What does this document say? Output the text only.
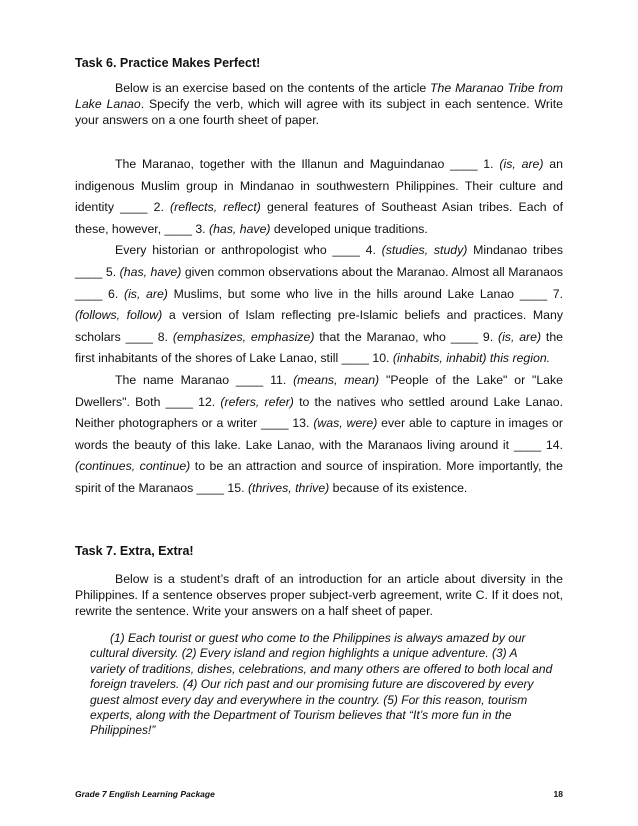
Task 6. Practice Makes Perfect!

Below is an exercise based on the contents of the article The Maranao Tribe from Lake Lanao. Specify the verb, which will agree with its subject in each sentence. Write your answers on a one fourth sheet of paper.

The Maranao, together with the Illanun and Maguindanao ____ 1. (is, are) an indigenous Muslim group in Mindanao in southwestern Philippines. Their culture and identity ____ 2. (reflects, reflect) general features of Southeast Asian tribes. Each of these, however, ____ 3. (has, have) developed unique traditions.

Every historian or anthropologist who ____ 4. (studies, study) Mindanao tribes ____ 5. (has, have) given common observations about the Maranao. Almost all Maranaos ____ 6. (is, are) Muslims, but some who live in the hills around Lake Lanao ____ 7. (follows, follow) a version of Islam reflecting pre-Islamic beliefs and practices. Many scholars ____ 8. (emphasizes, emphasize) that the Maranao, who ____ 9. (is, are) the first inhabitants of the shores of Lake Lanao, still ____ 10. (inhabits, inhabit) this region.

The name Maranao ____ 11. (means, mean) "People of the Lake" or "Lake Dwellers". Both ____ 12. (refers, refer) to the natives who settled around Lake Lanao. Neither photographers or a writer ____ 13. (was, were) ever able to capture in images or words the beauty of this lake. Lake Lanao, with the Maranaos living around it ____ 14. (continues, continue) to be an attraction and source of inspiration. More importantly, the spirit of the Maranaos ____ 15. (thrives, thrive) because of its existence.

Task 7. Extra, Extra!

Below is a student’s draft of an introduction for an article about diversity in the Philippines. If a sentence observes proper subject-verb agreement, write C. If it does not, rewrite the sentence. Write your answers on a half sheet of paper.

(1) Each tourist or guest who come to the Philippines is always amazed by our cultural diversity. (2) Every island and region highlights a unique adventure. (3) A variety of traditions, dishes, celebrations, and many others are offered to both local and foreign travelers. (4) Our rich past and our promising future are discovered by every guest almost every day and everywhere in the country. (5) For this reason, tourism experts, along with the Department of Tourism believes that “It’s more fun in the Philippines!”

Grade 7 English Learning Package	18
